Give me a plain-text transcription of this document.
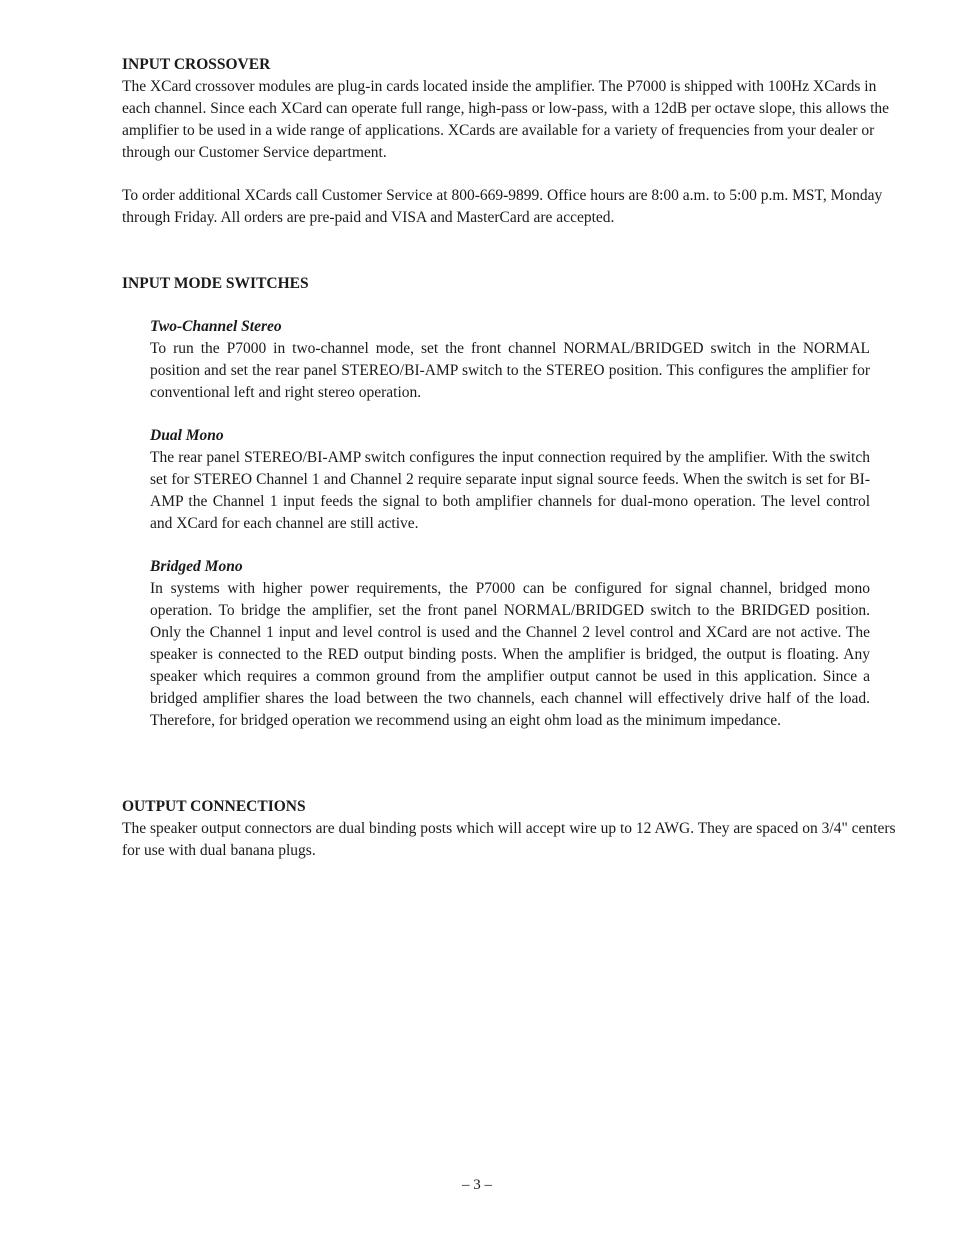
INPUT CROSSOVER

The XCard crossover modules are plug-in cards located inside the amplifier. The P7000 is shipped with 100Hz XCards in each channel. Since each XCard can operate full range, high-pass or low-pass, with a 12dB per octave slope, this allows the amplifier to be used in a wide range of applications. XCards are available for a variety of frequencies from your dealer or through our Customer Service department.

To order additional XCards call Customer Service at 800-669-9899. Office hours are 8:00 a.m. to 5:00 p.m. MST, Monday through Friday. All orders are pre-paid and VISA and MasterCard are accepted.

INPUT MODE SWITCHES

Two-Channel Stereo

To run the P7000 in two-channel mode, set the front channel NORMAL/BRIDGED switch in the NORMAL position and set the rear panel STEREO/BI-AMP switch to the STEREO position. This configures the amplifier for conventional left and right stereo operation.

Dual Mono

The rear panel STEREO/BI-AMP switch configures the input connection required by the amplifier. With the switch set for STEREO Channel 1 and Channel 2 require separate input signal source feeds. When the switch is set for BI-AMP the Channel 1 input feeds the signal to both amplifier channels for dual-mono operation. The level control and XCard for each channel are still active.

Bridged Mono

In systems with higher power requirements, the P7000 can be configured for signal channel, bridged mono operation. To bridge the amplifier, set the front panel NORMAL/BRIDGED switch to the BRIDGED position. Only the Channel 1 input and level control is used and the Channel 2 level control and XCard are not active. The speaker is connected to the RED output binding posts. When the amplifier is bridged, the output is floating. Any speaker which requires a common ground from the amplifier output cannot be used in this application. Since a bridged amplifier shares the load between the two channels, each channel will effectively drive half of the load. Therefore, for bridged operation we recommend using an eight ohm load as the minimum impedance.

OUTPUT CONNECTIONS

The speaker output connectors are dual binding posts which will accept wire up to 12 AWG. They are spaced on 3/4" centers for use with dual banana plugs.

– 3 –
